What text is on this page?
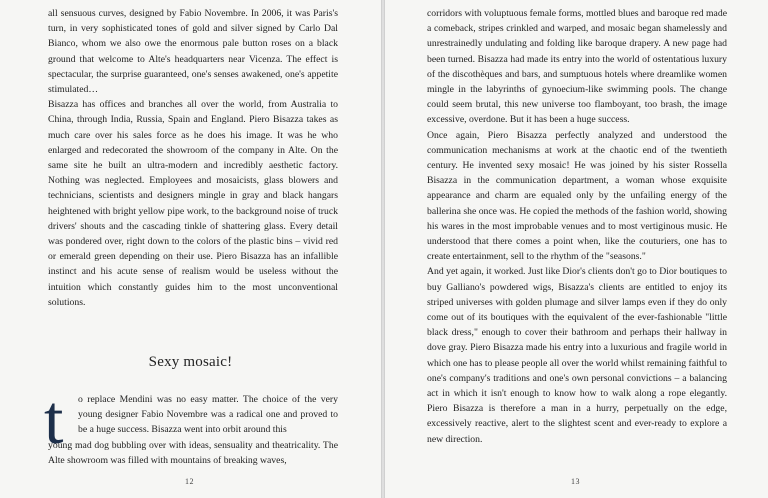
all sensuous curves, designed by Fabio Novembre. In 2006, it was Paris's turn, in very sophisticated tones of gold and silver signed by Carlo Dal Bianco, whom we also owe the enormous pale button roses on a black ground that welcome to Alte's headquarters near Vicenza. The effect is spectacular, the surprise guaranteed, one's senses awakened, one's appetite stimulated…

Bisazza has offices and branches all over the world, from Australia to China, through India, Russia, Spain and England. Piero Bisazza takes as much care over his sales force as he does his image. It was he who enlarged and redecorated the showroom of the company in Alte. On the same site he built an ultra-modern and incredibly aesthetic factory. Nothing was neglected. Employees and mosaicists, glass blowers and technicians, scientists and designers mingle in gray and black hangars heightened with bright yellow pipe work, to the background noise of truck drivers' shouts and the cascading tinkle of shattering glass. Every detail was pondered over, right down to the colors of the plastic bins – vivid red or emerald green depending on their use. Piero Bisazza has an infallible instinct and his acute sense of realism would be useless without the intuition which constantly guides him to the most unconventional solutions.

Sexy mosaic!
t o replace Mendini was no easy matter. The choice of the very young designer Fabio Novembre was a radical one and proved to be a huge success. Bisazza went into orbit around this
young mad dog bubbling over with ideas, sensuality and theatricality. The Alte showroom was filled with mountains of breaking waves,
12

corridors with voluptuous female forms, mottled blues and baroque red made a comeback, stripes crinkled and warped, and mosaic began shamelessly and unrestrainedly undulating and folding like baroque drapery. A new page had been turned. Bisazza had made its entry into the world of ostentatious luxury of the discothèques and bars, and sumptuous hotels where dreamlike women mingle in the labyrinths of gynoecium-like swimming pools. The change could seem brutal, this new universe too flamboyant, too brash, the image excessive, overdone. But it has been a huge success.

Once again, Piero Bisazza perfectly analyzed and understood the communication mechanisms at work at the chaotic end of the twentieth century. He invented sexy mosaic! He was joined by his sister Rossella Bisazza in the communication department, a woman whose exquisite appearance and charm are equaled only by the unfailing energy of the ballerina she once was. He copied the methods of the fashion world, showing his wares in the most improbable venues and to most vertiginous music. He understood that there comes a point when, like the couturiers, one has to create entertainment, sell to the rhythm of the "seasons."

And yet again, it worked. Just like Dior's clients don't go to Dior boutiques to buy Galliano's powdered wigs, Bisazza's clients are entitled to enjoy its striped universes with golden plumage and silver lamps even if they do only come out of its boutiques with the equivalent of the ever-fashionable "little black dress," enough to cover their bathroom and perhaps their hallway in dove gray. Piero Bisazza made his entry into a luxurious and fragile world in which one has to please people all over the world whilst remaining faithful to one's company's traditions and one's own personal convictions – a balancing act in which it isn't enough to know how to walk along a rope elegantly. Piero Bisazza is therefore a man in a hurry, perpetually on the edge, excessively reactive, alert to the slightest scent and ever-ready to explore a new direction.

13
